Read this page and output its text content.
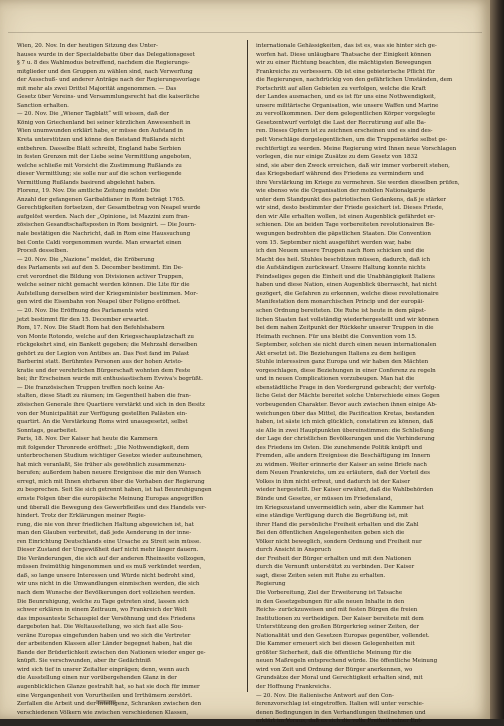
Wien, 20. Nov. In der heutigen Sitzung des Unter-
hauses wurde in der Specialdebatte über das Delegationsgeset
§ 7 u. 8 des Wahlmodus betreffend, nachdem die Regierungs-
mitglieder und den Gruppen zu wählen sind, nach Verwerfung
der Ausschuß- und anderer Anträge nach der Regierungsvorlage
mit mehr als zwei Drittel Majorität angenommen. — Das
Gesetz über Vereins- und Versammlungsrecht hat die kaiserliche
Sanction erhalten.
— 20. Nov. Die „Wiener Tagblatt“ will wissen, daß der
König von Griechenland bei seiner kürzlichen Anwesenheit in
Wien unumwunden erklärt habe, er müsse den Aufstand in
Kreta unterstützen und könne den Beistand Rußlands nicht
entbehren. Dasselbe Blatt schreibt, England habe Serbien
in festen Grenzen mit der Liebe seine Vermittlung angeboten,
welche schließe mit Vorsicht die Zustimmung Rußlands zu
dieser Vermittlung; sie solle nur auf die schon verliegende
Vermittlung Rußlands basirend abgelehnt haben.
Florenz, 19. Nov. Die amtliche Zeitung meldet: Die
Anzahl der gefangenen Garibaldianer in Rom beträgt 1765.
Gerechtigkeiten fortsetzen, der Gesamtbetrag von Neapel wurde
aufgelöst werden. Nach der „Opinione„ ist Mazzini zum fran-
zösischen Gesandtschaftsposten in Rom besignirt. — Die Journ-
nale bestätigen die Nachricht, daß in Rom eine Haussuchung
bei Conte Caldi vorgenommen wurde. Man erwartet einen
Proceß desselben.
— 20. Nov. Die „Nazione“ meldet, die Eröberung
des Parlaments sei auf den 5. December bestimmt. Ein De-
cret verordnet die Bildung von Divisionen activer Truppen,
welche seiner nicht gemacht werden können. Die Lite für die
Aufstellung derselben wird der Kriegsminister bestimmen. Mor-
gen wird die Eisenbahn von Neapel über Foligno eröffnet.
— 20. Nov. Die Eröffnung des Parlaments wird
jetzt bestimmt für den 15. December erwartet.
Rom, 17. Nov. Die Stadt Rom hat den Befehlshabern
von Monte Rotondo, welche auf den Kriegsschauplatzschaft zu
rückgekehrt sind, ein Bankett gegeben; die Mehrzahl derselben
gehört zu der Legion von Antibes an. Das Fest fand im Palast
Barberini statt. Berühmtes Personen aus der hohen Aristo-
kratie und der verehrlichen Bürgerschaft wohnten dem Feste
bei; ihr Erscheinen wurde mit enthusiastischem Evviva's begrüßt.
— Die französischen Truppen treffen noch keine An-
stalten, diese Stadt zu räumen; im Gegentheil haben die fran-
zösischen Generale ihre Quartiere verstärkt und sich in den Besitz
von der Municipalität zur Verfügung gestellten Palästen ein-
quartirt. An die Verstärkung Roms wird unausgesetzt, selbst
Sonntags, gearbeitet.
Paris, 18. Nov. Der Kaiser hat heute die Kammern
mit folgender Thronrede eröffnet: „Die Nothwendigkeit, dem
unterbrochenen Studium wichtiger Gesetze wieder aufzunehmen,
hat mich veranlaßt, Sie früher als gewöhnlich zusammenzu-
berufen; außerdem haben neuere Ereignisse die mir den Wunsch
erregt, mich mit Ihnen ehrbaren über die Vorhaben der Regierung
zu besprechen. Seit Sie sich getrennt haben, ist hat Beunruhigungen
ernste Folgen über die europäische Meinung Europas angegriffen
und überall die Bewegung des Gewerbfleißes und des Handels ver-
hindert. Trotz der Erklärungen meiner Regie-
rung, die nie von ihrer friedlichen Haltung abgewichen ist, hat
man den Glauben verbreitet, daß jede Aenderung in der inne-
ren Einrichtung Deutschlands eine Ursache zu Streit sein müsse.
Dieser Zustand der Ungewißheit darf nicht mehr länger dauern.
Die Veränderungen, die sich auf der anderen Rheinseite vollzogen,
müssen freimüthig hingenommen und es muß verkündet werden,
daß, so lange unsere Interessen und Würde nicht bedroht sind,
wir uns nicht in die Umwandlungen einmischen werden, die sich
nach dem Wunsche der Bevölkerungen dort vollziehen werden.
Die Beunruhigung, welche zu Tage getreten sind, lassen sich
schwer erklären in einem Zeitraum, wo Frankreich der Welt
das imposanteste Schauspiel der Versöhnung und des Friedens
dargeboten hat. Die Weltausstellung, wo sich fast alle Sou-
veräne Europas eingefunden haben und wo sich die Vertreter
der arbeitenden Klassen aller Länder begegnet haben, hat die
Bande der Brüderlichkeit zwischen den Nationen wieder enger ge-
knüpft. Sie verschwunden, aber ihr Gedächtniß
wird sich tief in unsrer Zeitalter einprägen; denn, wenn auch
die Ausstellung einen nur vorübergehenden Glanz in der
augenblicklichen Glanze gestrahlt hat, so hat sie doch für immer
eine Vergangenheit von Vorurtheilen und Irrthümern zerstört.
Zerfallen die Arbeit und der Intelligenz, Schranken zwischen den
verschiedenen Völkern wie zwischen verschiedenen Klassen,
internationale Gehässigkeiten, das ist es, was sie hinter sich ge-
worfen hat. Diese unläugbare Thatsache der Einigkeit können
wir zu einer Richtung beachten, die mächtigsten Bewegungen
Frankreichs zu verbessern. Ob ist eine gebieterische Pflicht für
die Regierungen, nachdrückig von den gefährlichen Umständen, dem
Fortschritt auf allen Gebieten zu verfolgen, welche die Kraft
der Landes ausmachen, und es ist für uns eine Nothwendigkeit,
unsere militärische Organisation, wie unsere Waffen und Marine
zu vervollkommnen. Der dem gelegentlichen Körper vorgelegte
Gesetzentwurf verfolgt die Last der Recrutirung auf alle Ba-
ren. Dieses Opfern ist zu zeichnen erscheinen und es sind des-
pelt Vorschläge dorgelegentlichen, um die Truppenstärke selbst ge-
rechtfertigt zu werden. Meine Regierung wird Ihnen neue Vorschlagen
vorlegen, die nur einige Zusätze zu dem Gesetz von 1832
sind, sie aber den Zweck erreichen, daß wir immer vorbereit stehen,
das Kriegsbedarf während des Friedens zu vermindern und
ihre Verstärkung im Kriege zu vermehren. Sie werden dieselben prüfen,
wie ebenso wie die Organisation der mobilen Nationalgarde
unter dem Standpunkt des patriotischen Gedankens, daß je stärker
wir sind, desto bestimmter der Friede gesichert ist. Dieses Friede,
den wir Alle erhalten wollen, ist einen Augenblick gefährdet er-
schienen. Die an beiden Tage vorbereiteten revolutionairen Be-
wegungen bedrohten die päpstlichen Staaten. Die Convention
vom 15. September nicht ausgeführt werden war, habe
ich den Neuem unsere Truppen nach Rom schicken und die
Macht des heil. Stuhles beschützen müssen, dadurch, daß ich
die Aufständigen zurückwarf. Unsere Haltung konnte nichts
Feindseliges gegen die Einheit und die Unabhängigkeit Italiens
haben und diese Nation, einen Augenblick überrascht, hat nicht
gezögert, die Gefahren zu erkennen, welche diese revolutionaire
Manifestation dem monarchischen Princip und der europäi-
schen Ordnung bereiteten. Die Ruhe ist heute in dem päpst-
lichen Staaten fast vollständig wiederhergestellt und wir können
bei dem nahen Zeitpunkt der Rückkehr unserer Truppen in die
Heimath rechnen. Für uns bleibt die Convention vom 15.
September, solchen sie nicht durch einen neuen internationalen
Akt ersetzt ist. Die Beziehungen Italiens zu dem heiligen
Stuhle interessiren ganz Europa und wir haben den Mächten
vorgeschlagen, diese Beziehungen in einer Conferenz zu regeln
und in neuen Complicationen vorzubeugen. Man hat die
ebenstädtliche Frage in den Vordergrund gebracht; der verfolg-
liche Geist der Mächte bereitet solche Unterschiede eines Gegen
vorbeugenden Charakter. Bevor auch zwischen ihnen einige Ab-
weichungen über das Mittel, die Pacification Kretas, bestanden
haben, ist säste ich mich glücklich, constatiren zu können, daß
sie Alle in zwei Hauptpunkten übereinstimmen: die Schließung
der Lage der christlichen Bevölkerungen und die Verhinderung
des Friedens im Osten. Die zunehmende Politik knüpft und
Fremden, alle andern Ereignisse die Beschäftigung im Innern
zu widmen. Weiter erinnerte der Kaiser an seine Briefe nach
dem Neuen Frankreichs, um zu erläutern, daß der Vorteil des
Volkes in ihm nicht erfreut, und dadurch ist der Kaiser
wieder hergestellt. Der Kaiser erwähnt, daß die Wahlbehörden
Bünde und Gesetze, er müssen im Friedensland,
im Kriegszustand unvermeidlich sein, aber die Kammer hat
eine ständige Verfügung durch die Begrüßung ist, mit
ihrer Hand die persönliche Freiheit erhalten und die Zahl
Bei den öffentlichen Angelegenheiten geben sich die
Völker nicht beweglich, sondern Ordnung und Freiheit nur
durch Ansicht in Anspruch
der Freiheit der Bürger erhalten und mit den Nationen
durch die Vernunft unterstützt zu verbinden. Der Kaiser
sagt, diese Zeiten seien mit Ruhe zu erhalten.
Regierung
Die Vorbereitung, Ziel der Erweiterung ist Tatsache
in den Gesetzgebungen für alle neuen Inhalte in den
Reichs- zurückzuweisen und mit festen Bürgen die freien
Institutionen zu vertheidigen. Der Kaiser bereitete mit dem
Unterstützung den großen Bürgerkrieg seiner Zeiten, der
Nationalität und den Gesetzen Europas gegenüber, vollendet.
Die Kammer erneuert sich bei diesen Gelegenheiten mit
größter Sicherheit, daß die öffentliche Meinung für die
neuen Maßregeln entsprechend würde. Die öffentliche Meinung
wird von Zeit und Ordnung der Bürger anerkennen, wo
Grundsätze der Moral und Gerechtigkeit erhalten sind, mit
der Hoffnung Frankreichs.
— 20. Nov. Die italienische Antwort auf den Con-
ferenzvorschlag ist eingetroffen. Italien will unter verschie-
denen Bedingungen in den Verhandlungen theilnehmen und
erklärt im Voraus, daß es sich die volle Freiheit seiner Ent-
